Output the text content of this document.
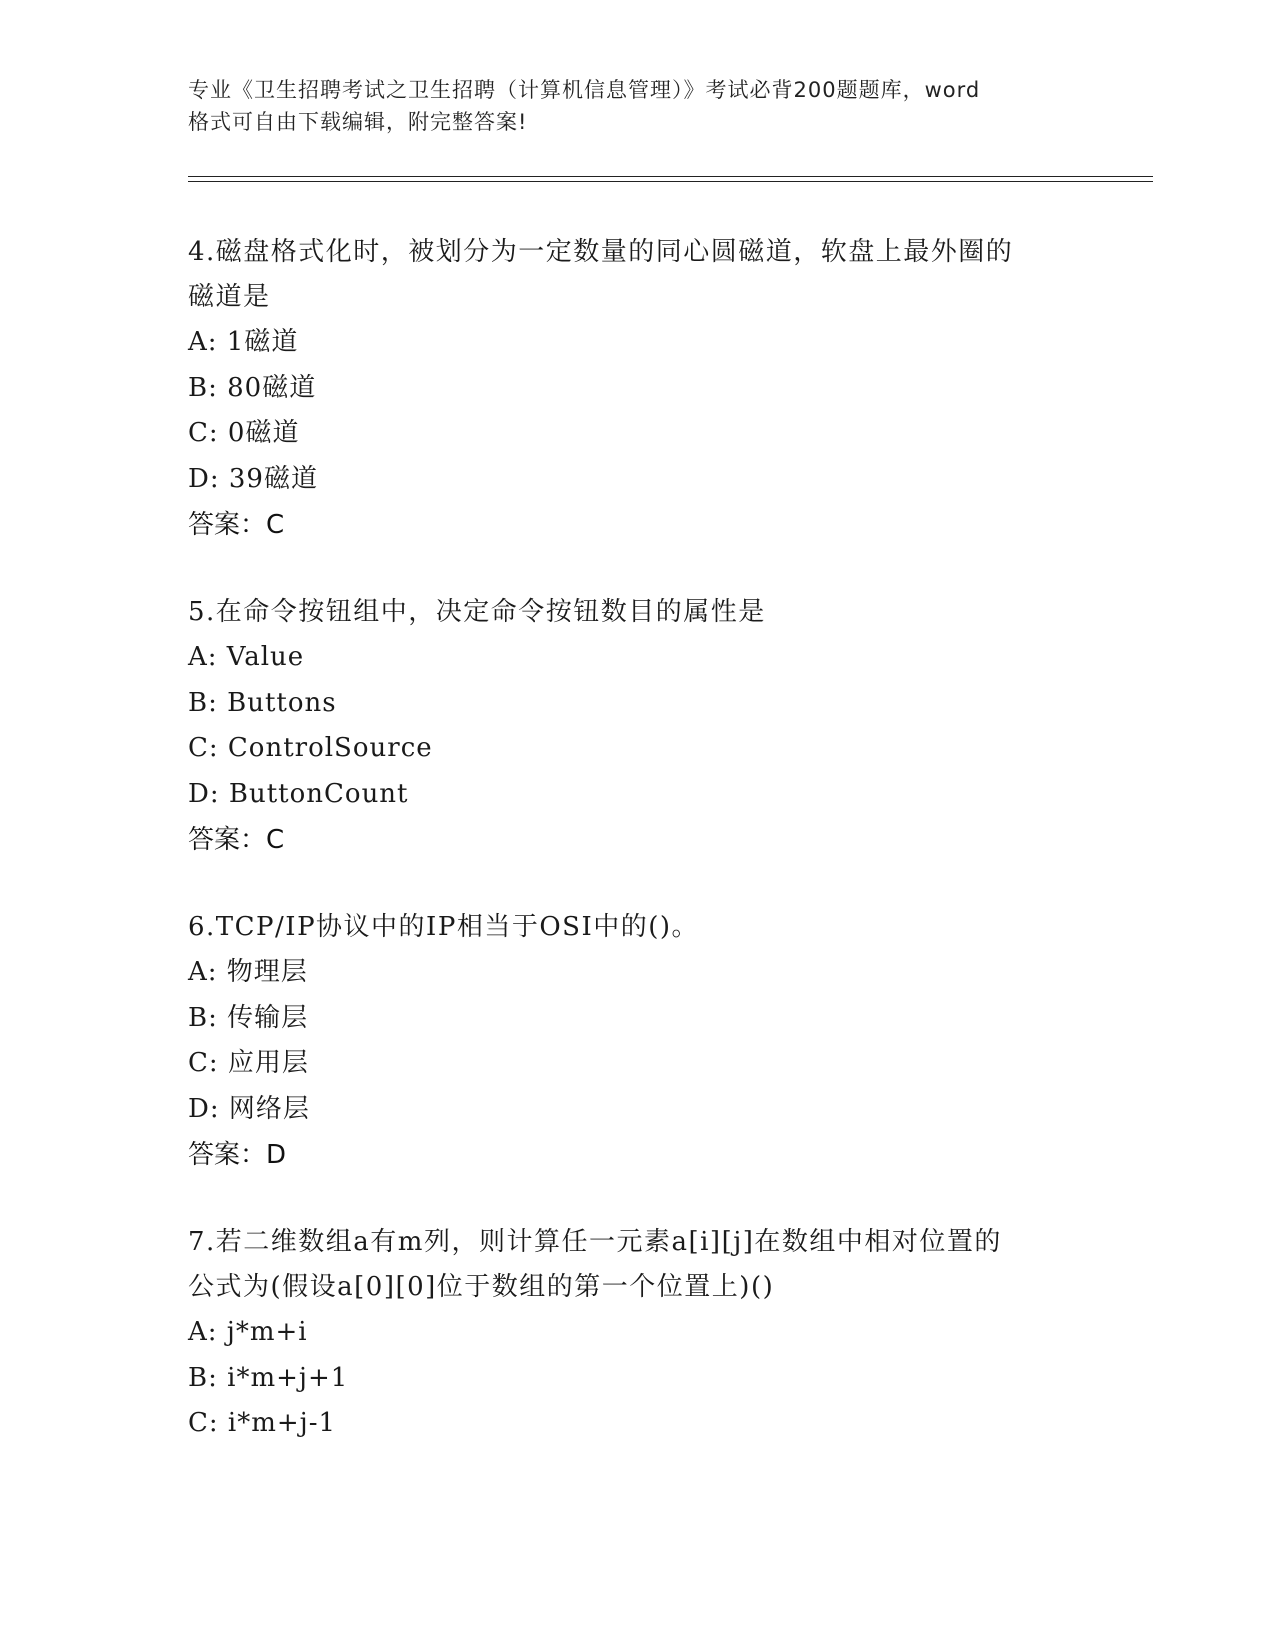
专业《卫生招聘考试之卫生招聘（计算机信息管理）》考试必背200题题库，word
格式可自由下载编辑，附完整答案!

4.磁盘格式化时，被划分为一定数量的同心圆磁道，软盘上最外圈的

磁道是

A: 1磁道

B: 80磁道

C: 0磁道

D: 39磁道

答案：C

5.在命令按钮组中，决定命令按钮数目的属性是

A: Value

B: Buttons

C: ControlSource

D: ButtonCount

答案：C

6.TCP/IP协议中的IP相当于OSI中的()。

A: 物理层

B: 传输层

C: 应用层

D: 网络层

答案：D

7.若二维数组a有m列，则计算任一元素a[i][j]在数组中相对位置的

公式为(假设a[0][0]位于数组的第一个位置上)()

A: j*m+i

B: i*m+j+1

C: i*m+j-1
